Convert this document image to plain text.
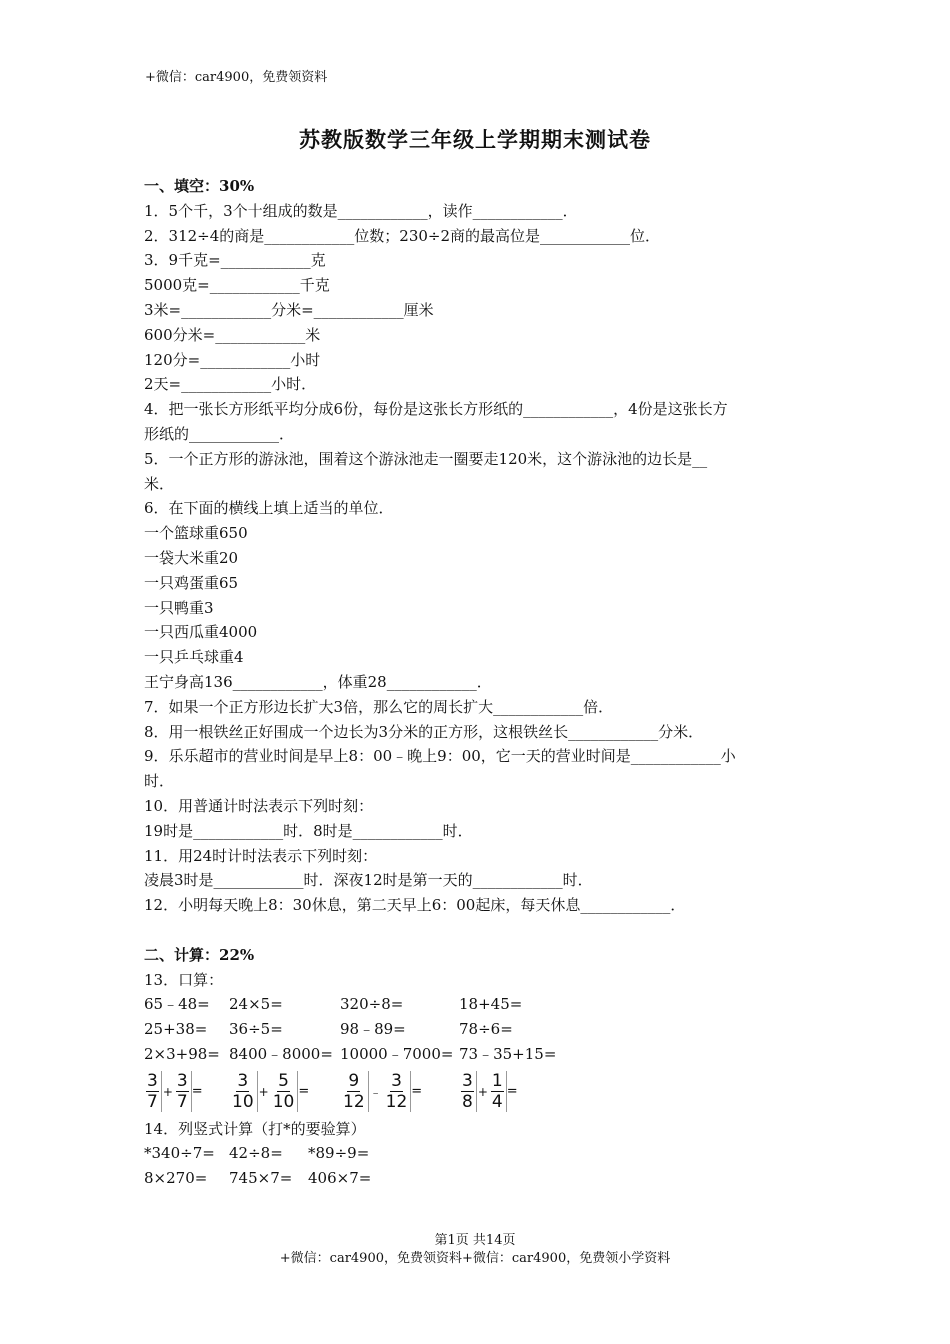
+微信：car4900，免费领资料
苏教版数学三年级上学期期末测试卷
一、填空：30%
1．5个千，3个十组成的数是____________，读作____________．
2．312÷4的商是____________位数；230÷2商的最高位是____________位．
3．9千克=____________克
5000克=____________千克
3米=____________分米=____________厘米
600分米=____________米
120分=____________小时
2天=____________小时．
4．把一张长方形纸平均分成6份，每份是这张长方形纸的____________，4份是这张长方
形纸的____________．
5．一个正方形的游泳池，围着这个游泳池走一圈要走120米，这个游泳池的边长是__
米．
6．在下面的横线上填上适当的单位．
一个篮球重650
一袋大米重20
一只鸡蛋重65
一只鸭重3
一只西瓜重4000
一只乒乓球重4
王宁身高136____________，体重28____________．
7．如果一个正方形边长扩大3倍，那么它的周长扩大____________倍．
8．用一根铁丝正好围成一个边长为3分米的正方形，这根铁丝长____________分米．
9．乐乐超市的营业时间是早上8：00﹣晚上9：00，它一天的营业时间是____________小
时．
10．用普通计时法表示下列时刻：
19时是____________时．8时是____________时．
11．用24时计时法表示下列时刻：
凌晨3时是____________时．深夜12时是第一天的____________时．
12．小明每天晚上8：30休息，第二天早上6：00起床，每天休息____________．
二、计算：22%
13．口算：
65﹣48=	24×5=	320÷8=	18+45=
25+38=	36÷5=	98﹣89=	78÷6=
2×3+98= 8400﹣8000= 10000﹣7000= 73﹣35+15=
$\frac{3}{7} + \frac{3}{7} = \frac{3}{10} + \frac{5}{10} = \frac{9}{12}$ ﹣ $\frac{3}{12} = \frac{3}{8} + \frac{1}{4}$ =
14．列竖式计算（打*的要验算）
*340÷7= 42÷8=	*89÷9=
8×270=	745×7=	406×7=
第1页 共14页
+微信：car4900，免费领资料+微信：car4900，免费领小学资料
